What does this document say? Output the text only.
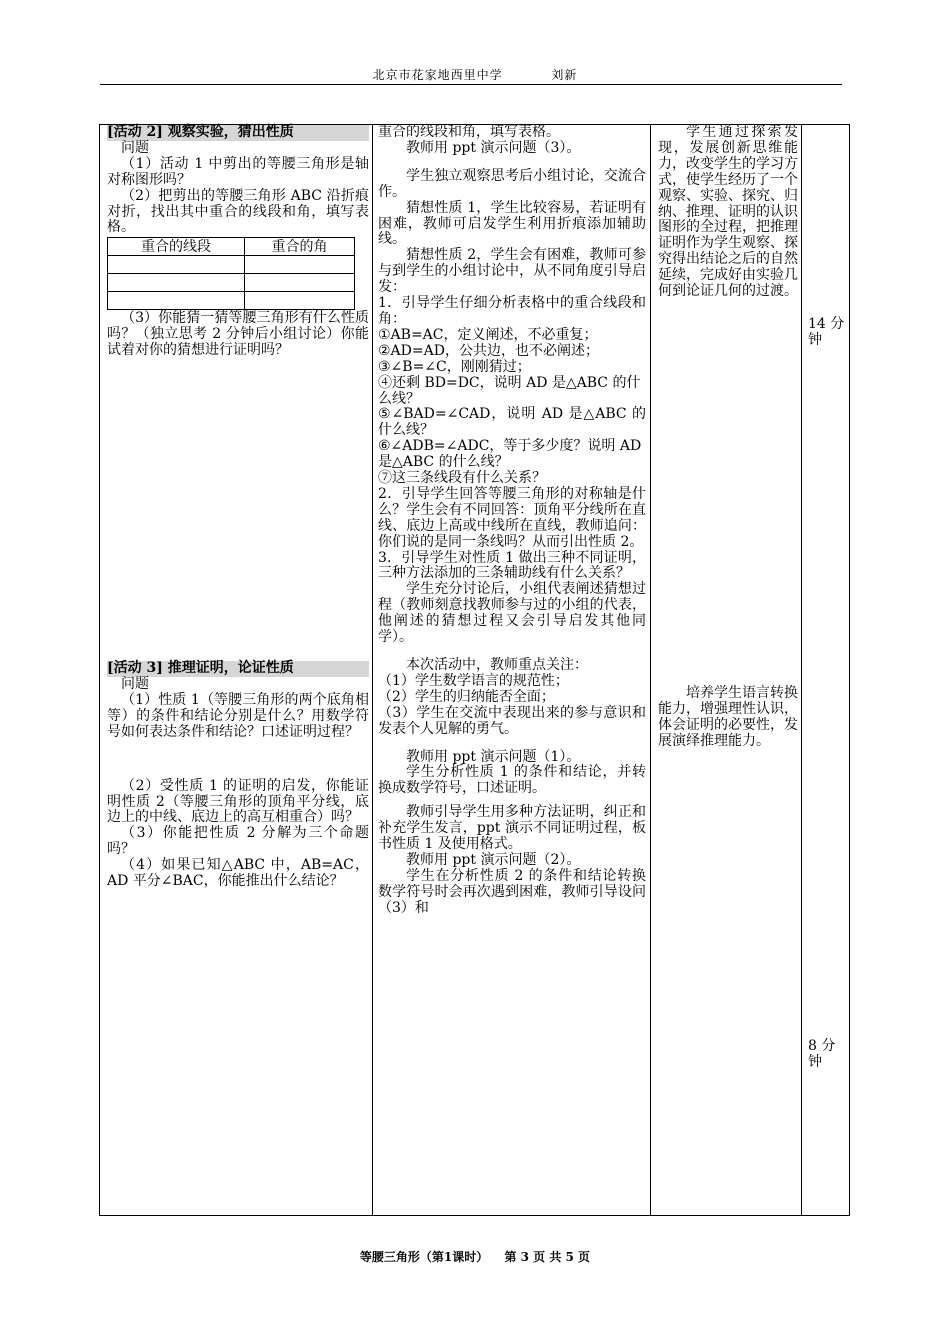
北京市花家地西里中学	刘新

[活动 2] 观察实验，猜出性质

问题

（1）活动 1 中剪出的等腰三角形是轴对称图形吗？

（2）把剪出的等腰三角形 ABC 沿折痕对折，找出其中重合的线段和角，填写表格。

重合的线段	重合的角

（3）你能猜一猜等腰三角形有什么性质吗？（独立思考 2 分钟后小组讨论）你能试着对你的猜想进行证明吗？

[活动 3] 推理证明，论证性质

问题

（1）性质 1（等腰三角形的两个底角相等）的条件和结论分别是什么？用数学符号如何表达条件和结论？口述证明过程？

（2）受性质 1 的证明的启发，你能证明性质 2（等腰三角形的顶角平分线，底边上的中线、底边上的高互相重合）吗？

（3）你能把性质 2 分解为三个命题吗？

（4）如果已知△ABC 中，AB=AC，AD 平分∠BAC，你能推出什么结论？

重合的线段和角，填写表格。

教师用 ppt 演示问题（3）。

学生独立观察思考后小组讨论，交流合作。

猜想性质 1，学生比较容易，若证明有困难，教师可启发学生利用折痕添加辅助线。

猜想性质 2，学生会有困难，教师可参与到学生的小组讨论中，从不同角度引导启发：

1．引导学生仔细分析表格中的重合线段和角：

①AB=AC，定义阐述，不必重复；

②AD=AD，公共边，也不必阐述；

③∠B=∠C，刚刚猜过；

④还剩 BD=DC，说明 AD 是△ABC 的什么线？

⑤∠BAD=∠CAD，说明 AD 是△ABC 的什么线？

⑥∠ADB=∠ADC，等于多少度？说明 AD 是△ABC 的什么线？

⑦这三条线段有什么关系？

2．引导学生回答等腰三角形的对称轴是什么？学生会有不同回答：顶角平分线所在直线、底边上高或中线所在直线，教师追问：你们说的是同一条线吗？从而引出性质 2。

3．引导学生对性质 1 做出三种不同证明，三种方法添加的三条辅助线有什么关系？

学生充分讨论后，小组代表阐述猜想过程（教师刻意找教师参与过的小组的代表，他阐述的猜想过程又会引导启发其他同学）。

本次活动中，教师重点关注：

（1）学生数学语言的规范性；

（2）学生的归纳能否全面；

（3）学生在交流中表现出来的参与意识和发表个人见解的勇气。

教师用 ppt 演示问题（1）。

学生分析性质 1 的条件和结论，并转换成数学符号，口述证明。

教师引导学生用多种方法证明，纠正和补充学生发言，ppt 演示不同证明过程，板书性质 1 及使用格式。

教师用 ppt 演示问题（2）。

学生在分析性质 2 的条件和结论转换数学符号时会再次遇到困难，教师引导设问（3）和

学生通过探索发现，发展创新思维能力，改变学生的学习方式，使学生经历了一个观察、实验、探究、归纳、推理、证明的认识图形的全过程，把推理证明作为学生观察、探究得出结论之后的自然延续，完成好由实验几何到论证几何的过渡。

培养学生语言转换能力，增强理性认识，体会证明的必要性，发展演绎推理能力。

14 分钟

8 分钟

等腰三角形（第1课时） 第 3 页 共 5 页
